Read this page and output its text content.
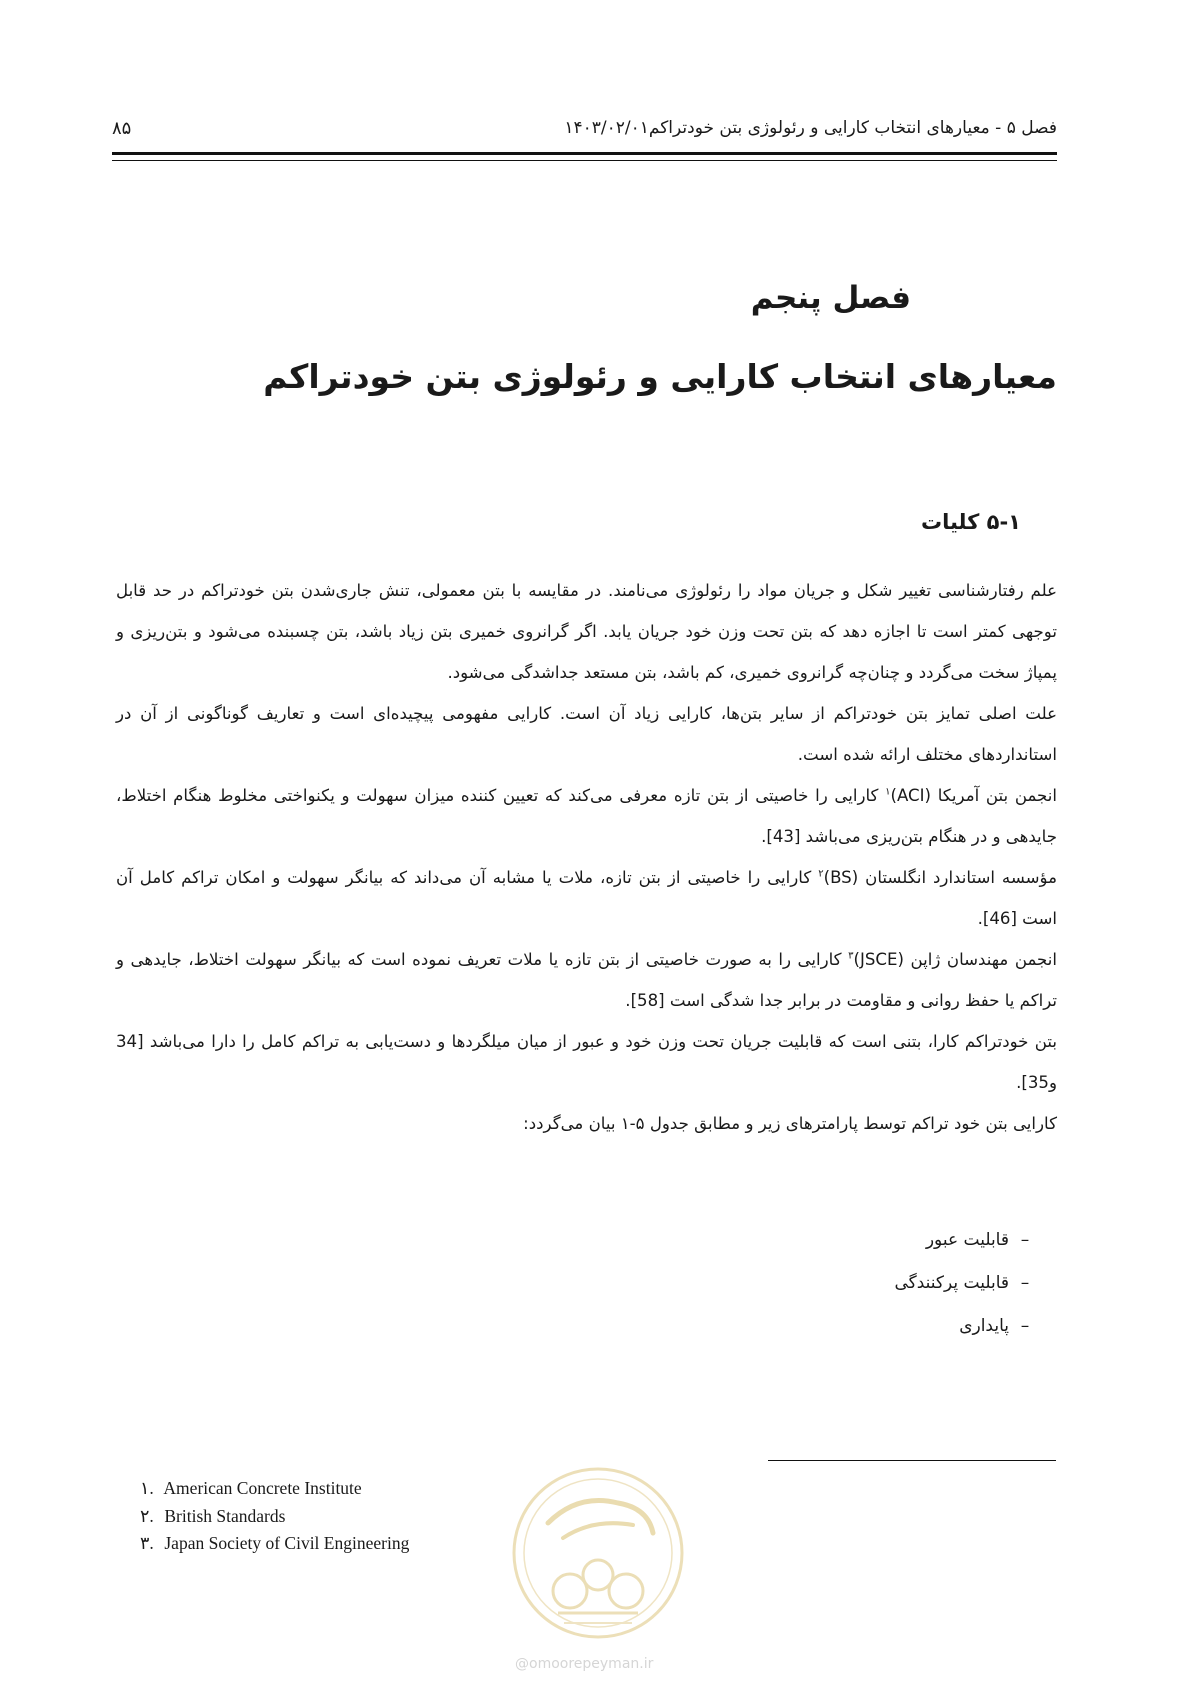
فصل ۵ - معیارهای انتخاب کارایی و رئولوژی بتن خودتراکم۱۴۰۳/۰۲/۰۱
۸۵
فصل پنجم
معیارهای انتخاب کارایی و رئولوژی بتن خودتراکم
۵-۱ کلیات

علم رفتارشناسی تغییر شکل و جریان مواد را رئولوژی می‌نامند. در مقایسه با بتن معمولی، تنش جاری‌شدن بتن خودتراکم در حد قابل توجهی کمتر است تا اجازه دهد که بتن تحت وزن خود جریان یابد. اگر گرانروی خمیری بتن زیاد باشد، بتن چسبنده می‌شود و بتن‌ریزی و پمپاژ سخت می‌گردد و چنان‌چه گرانروی خمیری، کم باشد، بتن مستعد جداشدگی می‌شود.

علت اصلی تمایز بتن خودتراکم از سایر بتن‌ها، کارایی زیاد آن است. کارایی مفهومی پیچیده‌ای است و تعاریف گوناگونی از آن در استانداردهای مختلف ارائه شده است.

انجمن بتن آمریکا (ACI)$^۱$ کارایی را خاصیتی از بتن تازه معرفی می‌کند که تعیین کننده میزان سهولت و یکنواختی مخلوط هنگام اختلاط، جایدهی و در هنگام بتن‌ریزی می‌باشد [43].

مؤسسه استاندارد انگلستان (BS)$^۲$ کارایی را خاصیتی از بتن تازه، ملات یا مشابه آن می‌داند که بیانگر سهولت و امکان تراکم کامل آن است [46].

انجمن مهندسان ژاپن (JSCE)$^۳$ کارایی را به صورت خاصیتی از بتن تازه یا ملات تعریف نموده است که بیانگر سهولت اختلاط، جایدهی و تراکم یا حفظ روانی و مقاومت در برابر جدا شدگی است [58].

بتن خودتراکم کارا، بتنی است که قابلیت جریان تحت وزن خود و عبور از میان میلگردها و دست‌یابی به تراکم کامل را دارا می‌باشد [34 و35].

کارایی بتن خود تراکم توسط پارامترهای زیر و مطابق جدول ۵-۱ بیان می‌گردد:

–قابلیت عبور
–قابلیت پرکنندگی
–پایداری
۱. American Concrete Institute
۲. British Standards
۳. Japan Society of Civil Engineering
@omoorepeyman.ir
